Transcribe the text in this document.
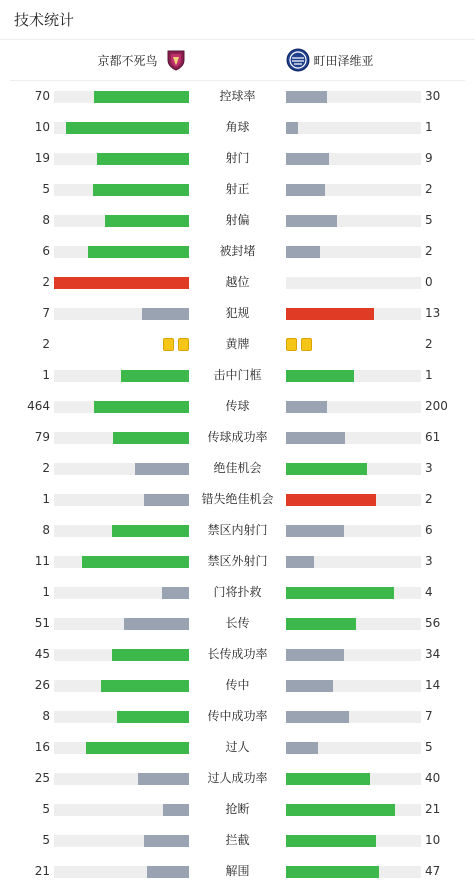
技术统计
京都不死鸟	町田泽维亚
70	控球率	30
10	角球	1
19	射门	9
5	射正	2
8	射偏	5
6	被封堵	2
2	越位	0
7	犯规	13
2	黄牌	2
1	击中门框	1
464	传球	200
79	传球成功率	61
2	绝佳机会	3
1	错失绝佳机会	2
8	禁区内射门	6
11	禁区外射门	3
1	门将扑救	4
51	长传	56
45	长传成功率	34
26	传中	14
8	传中成功率	7
16	过人	5
25	过人成功率	40
5	抢断	21
5	拦截	10
21	解围	47
